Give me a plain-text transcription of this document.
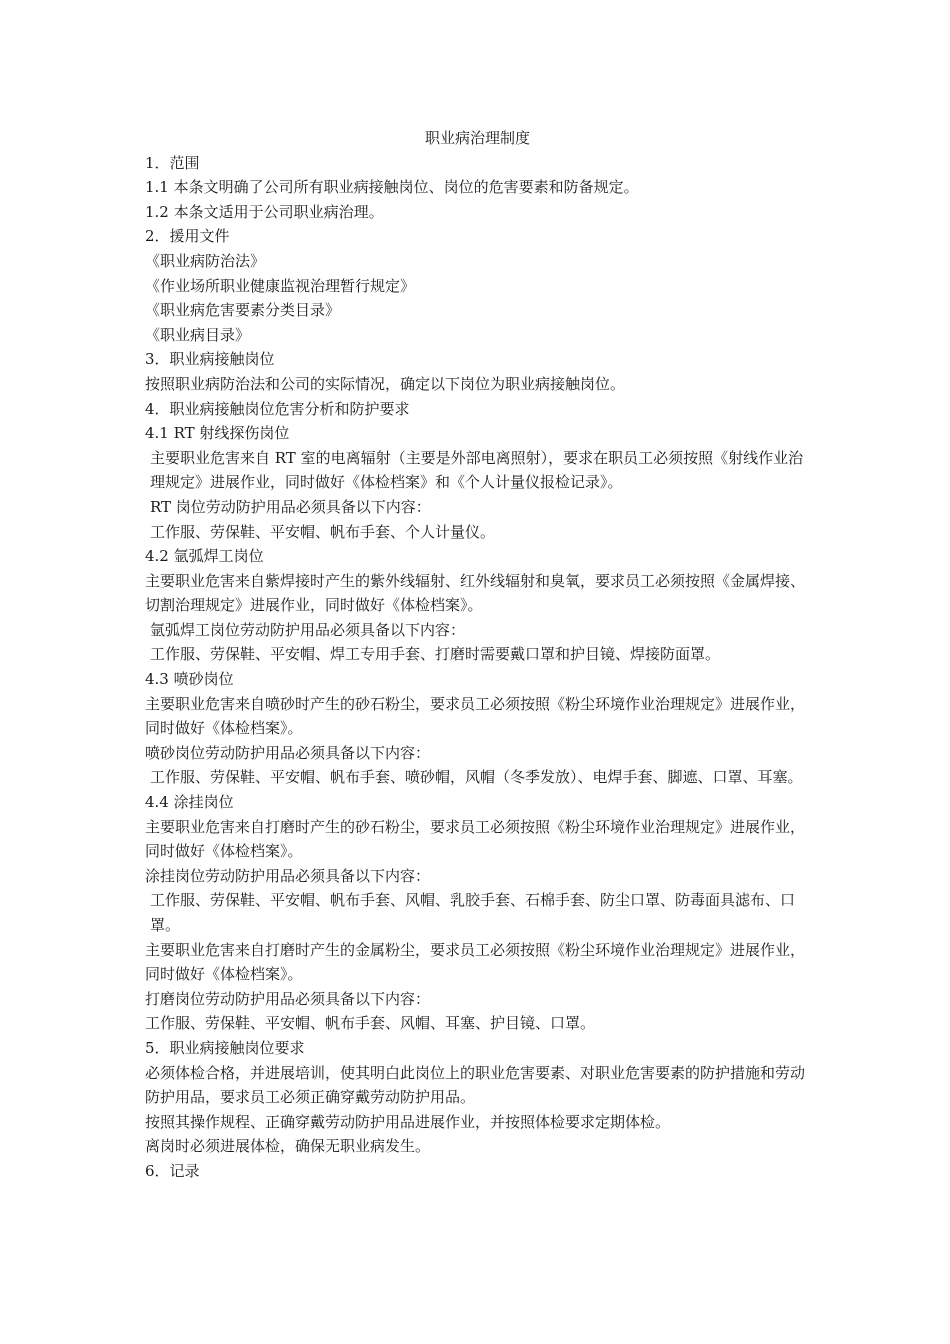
职业病治理制度

1．范围

1.1 本条文明确了公司所有职业病接触岗位、岗位的危害要素和防备规定。

1.2 本条文适用于公司职业病治理。

2．援用文件

《职业病防治法》

《作业场所职业健康监视治理暂行规定》

《职业病危害要素分类目录》

《职业病目录》

3．职业病接触岗位

按照职业病防治法和公司的实际情况，确定以下岗位为职业病接触岗位。

4．职业病接触岗位危害分析和防护要求

4.1 RT 射线探伤岗位

主要职业危害来自 RT 室的电离辐射（主要是外部电离照射），要求在职员工必须按照《射线作业治理规定》进展作业，同时做好《体检档案》和《个人计量仪报检记录》。

RT 岗位劳动防护用品必须具备以下内容：

工作服、劳保鞋、平安帽、帆布手套、个人计量仪。

4.2 氩弧焊工岗位

主要职业危害来自紫焊接时产生的紫外线辐射、红外线辐射和臭氧，要求员工必须按照《金属焊接、切割治理规定》进展作业，同时做好《体检档案》。

氩弧焊工岗位劳动防护用品必须具备以下内容：

工作服、劳保鞋、平安帽、焊工专用手套、打磨时需要戴口罩和护目镜、焊接防面罩。

4.3 喷砂岗位

主要职业危害来自喷砂时产生的砂石粉尘，要求员工必须按照《粉尘环境作业治理规定》进展作业，同时做好《体检档案》。

喷砂岗位劳动防护用品必须具备以下内容：

工作服、劳保鞋、平安帽、帆布手套、喷砂帽，风帽（冬季发放）、电焊手套、脚遮、口罩、耳塞。

4.4 涂挂岗位

主要职业危害来自打磨时产生的砂石粉尘，要求员工必须按照《粉尘环境作业治理规定》进展作业，同时做好《体检档案》。

涂挂岗位劳动防护用品必须具备以下内容：

工作服、劳保鞋、平安帽、帆布手套、风帽、乳胶手套、石棉手套、防尘口罩、防毒面具滤布、口罩。

主要职业危害来自打磨时产生的金属粉尘，要求员工必须按照《粉尘环境作业治理规定》进展作业，同时做好《体检档案》。

打磨岗位劳动防护用品必须具备以下内容：

工作服、劳保鞋、平安帽、帆布手套、风帽、耳塞、护目镜、口罩。

5．职业病接触岗位要求

必须体检合格，并进展培训，使其明白此岗位上的职业危害要素、对职业危害要素的防护措施和劳动防护用品，要求员工必须正确穿戴劳动防护用品。

按照其操作规程、正确穿戴劳动防护用品进展作业，并按照体检要求定期体检。

离岗时必须进展体检，确保无职业病发生。

6．记录
